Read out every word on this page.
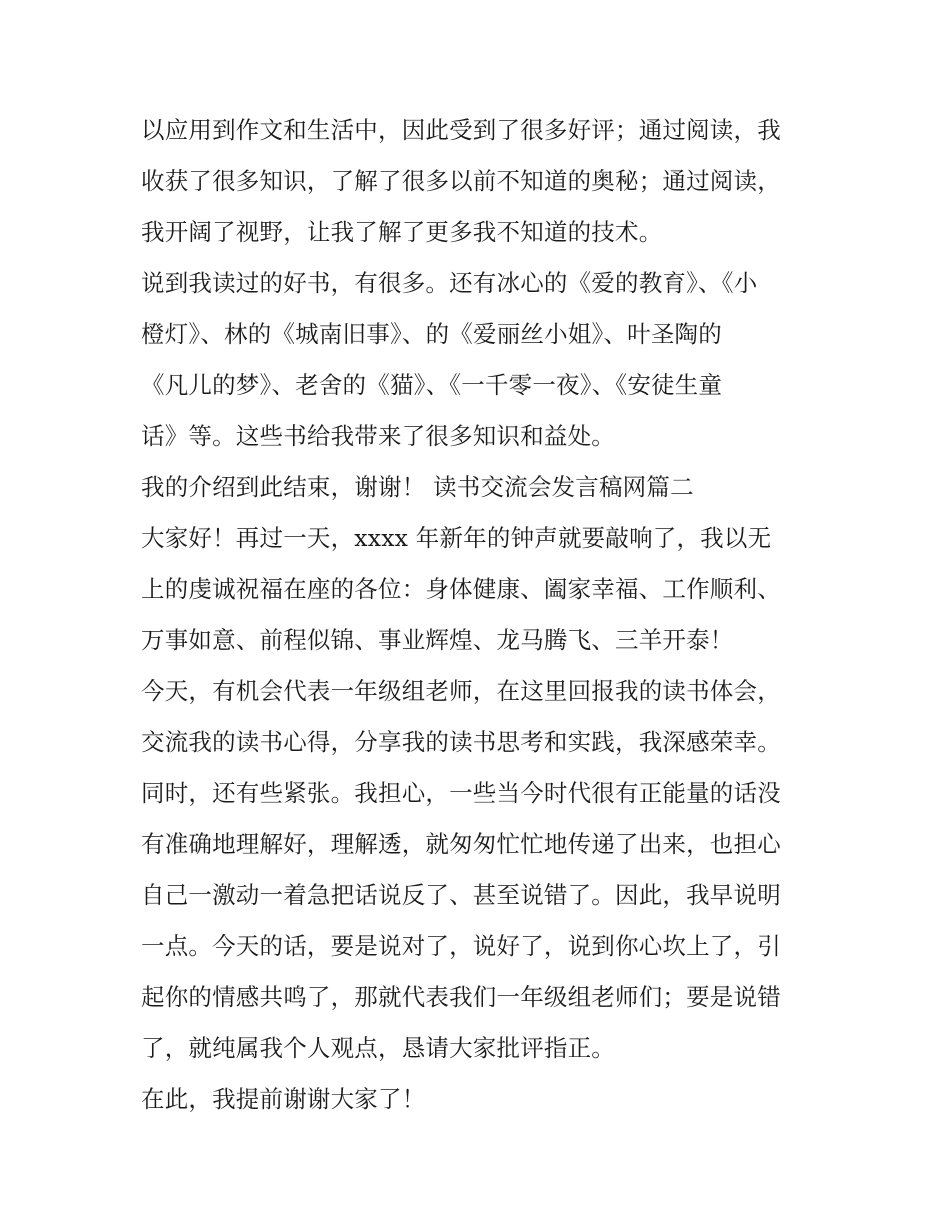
以应用到作文和生活中，因此受到了很多好评；通过阅读，我
收获了很多知识，了解了很多以前不知道的奥秘；通过阅读，
我开阔了视野，让我了解了更多我不知道的技术。
说到我读过的好书，有很多。还有冰心的《爱的教育》、《小
橙灯》、林的《城南旧事》、的《爱丽丝小姐》、叶圣陶的
《凡儿的梦》、老舍的《猫》、《一千零一夜》、《安徒生童
话》等。这些书给我带来了很多知识和益处。
我的介绍到此结束，谢谢！ 读书交流会发言稿网篇二
大家好！再过一天，xxxx 年新年的钟声就要敲响了，我以无
上的虔诚祝福在座的各位：身体健康、阖家幸福、工作顺利、
万事如意、前程似锦、事业辉煌、龙马腾飞、三羊开泰！
今天，有机会代表一年级组老师，在这里回报我的读书体会，
交流我的读书心得，分享我的读书思考和实践，我深感荣幸。
同时，还有些紧张。我担心，一些当今时代很有正能量的话没
有准确地理解好，理解透，就匆匆忙忙地传递了出来，也担心
自己一激动一着急把话说反了、甚至说错了。因此，我早说明
一点。今天的话，要是说对了，说好了，说到你心坎上了，引
起你的情感共鸣了，那就代表我们一年级组老师们；要是说错
了，就纯属我个人观点，恳请大家批评指正。
在此，我提前谢谢大家了！
